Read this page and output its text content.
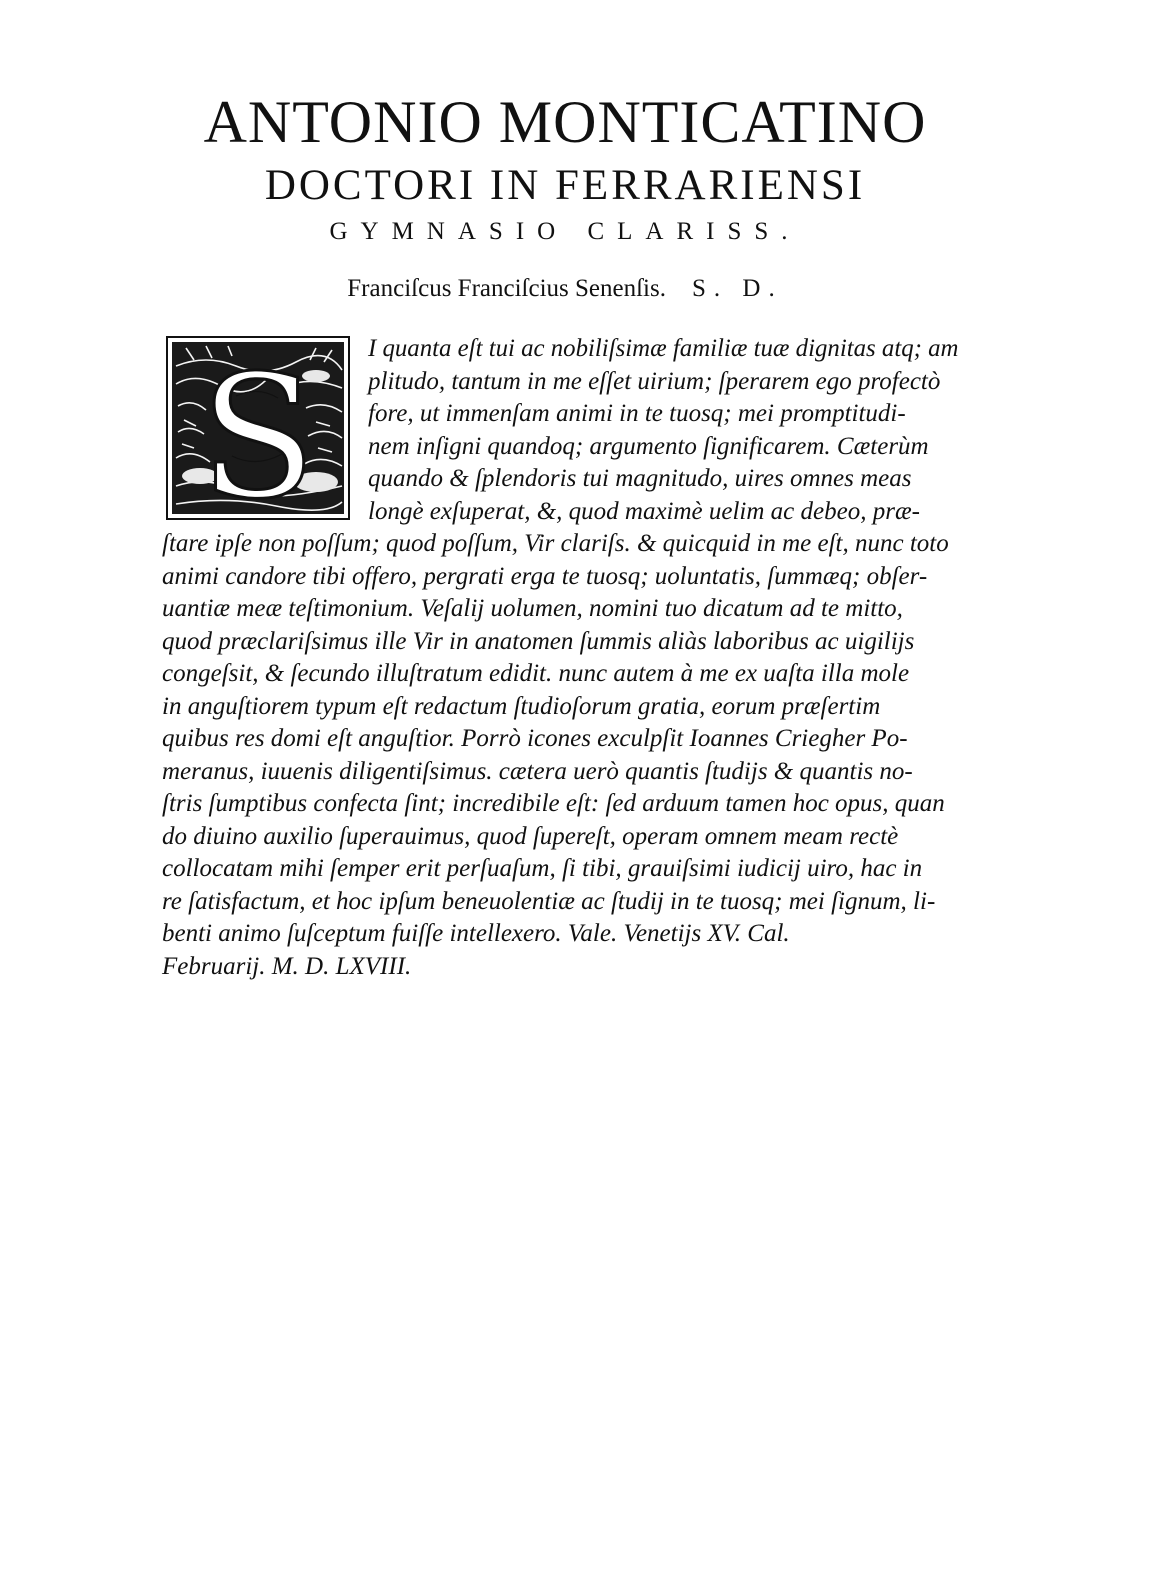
ANTONIO MONTICATINO
DOCTORI IN FERRARIENSI
GYMNASIO CLARISS.
Franciſcus Franciſcius Senenſis. S. D.
S I quanta eſt tui ac nobiliſsimæ familiæ tuæ dignitas atq; am
plitudo, tantum in me eſſet uirium; ſperarem ego profectò
fore, ut immenſam animi in te tuosq; mei promptitudi-
nem inſigni quandoq; argumento ſignificarem. Cæterùm
quando & ſplendoris tui magnitudo, uires omnes meas
longè exſuperat, &, quod maximè uelim ac debeo, præ-
ſtare ipſe non poſſum; quod poſſum, Vir clariſs. & quicquid in me eſt, nunc toto
animi candore tibi offero, pergrati erga te tuosq; uoluntatis, ſummæq; obſer-
uantiæ meæ teſtimonium. Veſalij uolumen, nomini tuo dicatum ad te mitto,
quod præclariſsimus ille Vir in anatomen ſummis aliàs laboribus ac uigilijs
congeſsit, & ſecundo illuſtratum edidit. nunc autem à me ex uaſta illa mole
in anguſtiorem typum eſt redactum ſtudioſorum gratia, eorum præſertim
quibus res domi eſt anguſtior. Porrò icones exculpſit Ioannes Criegher Po-
meranus, iuuenis diligentiſsimus. cætera uerò quantis ſtudijs & quantis no-
ſtris ſumptibus confecta ſint; incredibile eſt: ſed arduum tamen hoc opus, quan
do diuino auxilio ſuperauimus, quod ſupereſt, operam omnem meam rectè
collocatam mihi ſemper erit perſuaſum, ſi tibi, grauiſsimi iudicij uiro, hac in
re ſatisfactum, et hoc ipſum beneuolentiæ ac ſtudij in te tuosq; mei ſignum, li-
benti animo ſuſceptum fuiſſe intellexero. Vale. Venetijs XV. Cal.
Februarij. M. D. LXVIII.
